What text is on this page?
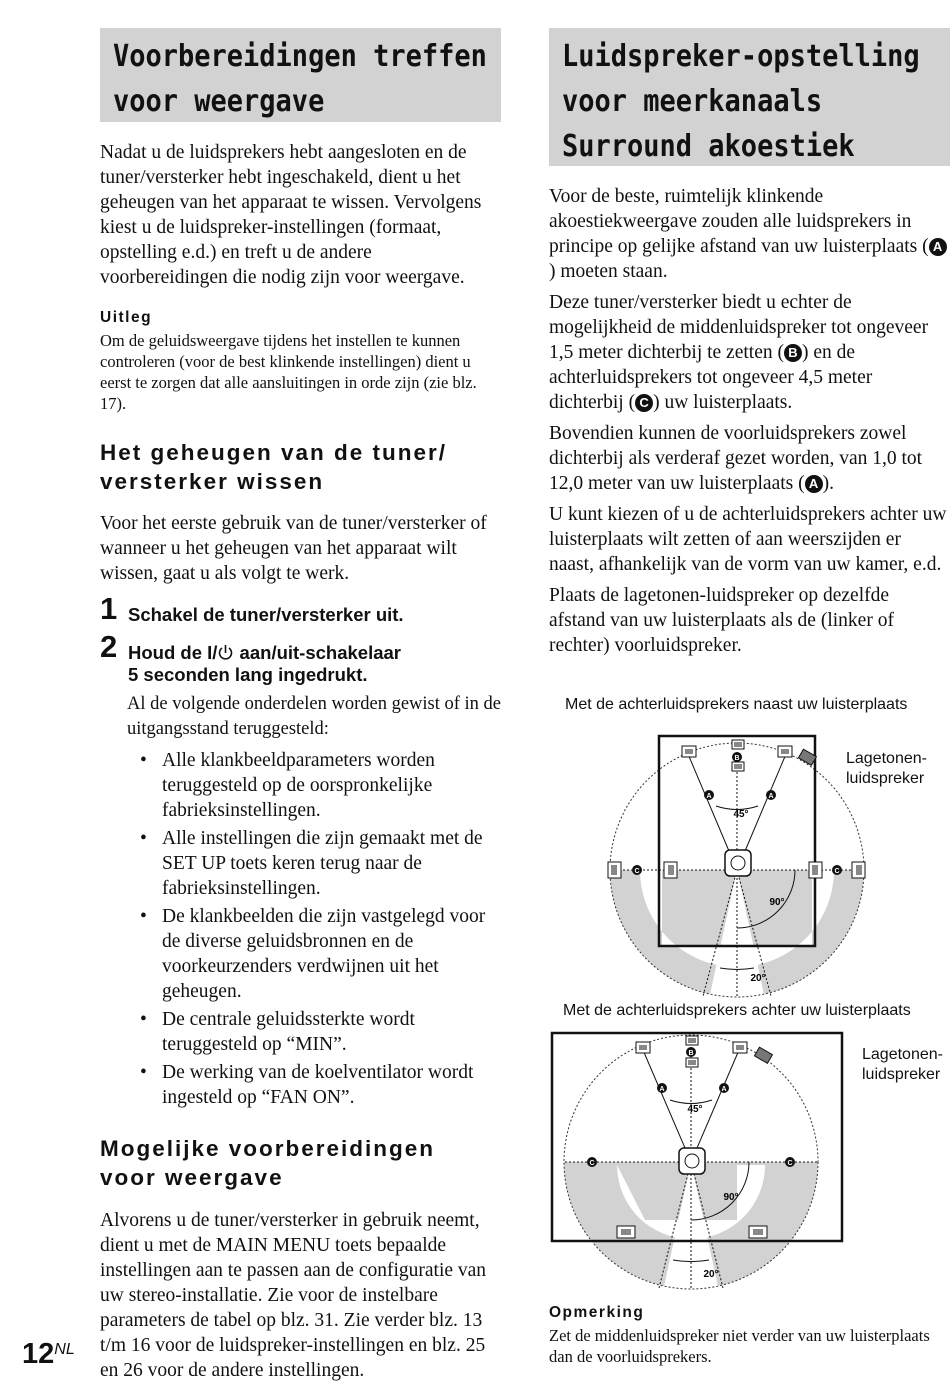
Voorbereidingen treffen
voor weergave

Nadat u de luidsprekers hebt aangesloten en de tuner/versterker hebt ingeschakeld, dient u het geheugen van het apparaat te wissen. Vervolgens kiest u de luidspreker-instellingen (formaat, opstelling e.d.) en treft u de andere voorbereidingen die nodig zijn voor weergave.

Uitleg
Om de geluidsweergave tijdens het instellen te kunnen controleren (voor de best klinkende instellingen) dient u eerst te zorgen dat alle aansluitingen in orde zijn (zie blz. 17).
Het geheugen van de tuner/
versterker wissen

Voor het eerste gebruik van de tuner/versterker of wanneer u het geheugen van het apparaat wilt wissen, gaat u als volgt te werk.

1 Schakel de tuner/versterker uit.
2 Houd de I/ aan/uit-schakelaar
5 seconden lang ingedrukt.

Al de volgende onderdelen worden gewist of in de uitgangsstand teruggesteld:

• Alle klankbeeldparameters worden teruggesteld op de oorspronkelijke fabrieksinstellingen.
• Alle instellingen die zijn gemaakt met de SET UP toets keren terug naar de fabrieksinstellingen.
• De klankbeelden die zijn vastgelegd voor de diverse geluidsbronnen en de voorkeurzenders verdwijnen uit het geheugen.
• De centrale geluidssterkte wordt teruggesteld op “MIN”.
• De werking van de koelventilator wordt ingesteld op “FAN ON”.
Mogelijke voorbereidingen
voor weergave

Alvorens u de tuner/versterker in gebruik neemt, dient u met de MAIN MENU toets bepaalde instellingen aan te passen aan de configuratie van uw stereo-installatie. Zie voor de instelbare parameters de tabel op blz. 31. Zie verder blz. 13 t/m 16 voor de luidspreker-instellingen en blz. 25 en 26 voor de andere instellingen.

$12^{NL}$
Luidspreker-opstelling
voor meerkanaals
Surround akoestiek

Voor de beste, ruimtelijk klinkende akoestiekweergave zouden alle luidsprekers in principe op gelijke afstand van uw luisterplaats ( A) moeten staan.

Deze tuner/versterker biedt u echter de mogelijkheid de middenluidspreker tot ongeveer 1,5 meter dichterbij te zetten ( B ) en de achterluidsprekers tot ongeveer 4,5 meter dichterbij ( C ) uw luisterplaats.

Bovendien kunnen de voorluidsprekers zowel dichterbij als verderaf gezet worden, van 1,0 tot 12,0 meter van uw luisterplaats ( A ).

U kunt kiezen of u de achterluidsprekers achter uw luisterplaats wilt zetten of aan weerszijden er naast, afhankelijk van de vorm van uw kamer, e.d.

Plaats de lagetonen-luidspreker op dezelfde afstand van uw luisterplaats als de (linker of rechter) voorluidspreker.

Met de achterluidsprekers naast uw luisterplaats
B
A	A
C	C
45°
90°
20°
Lagetonen-
luidspreker
Met de achterluidsprekers achter uw luisterplaats
B
A	A
C	C
45°
90°
20°
Lagetonen-
luidspreker
Opmerking
Zet de middenluidspreker niet verder van uw luisterplaats dan de voorluidsprekers.
